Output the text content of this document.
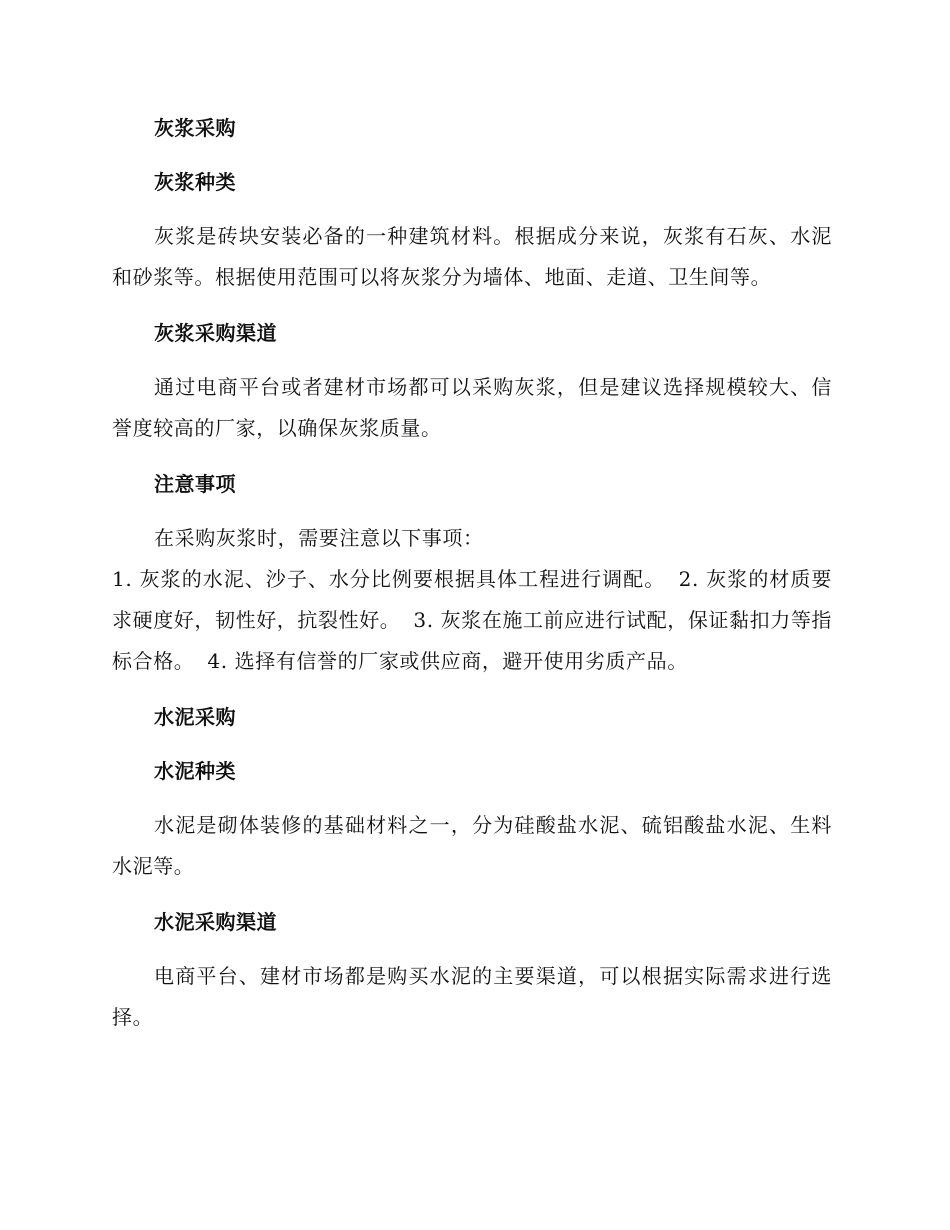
灰浆采购
灰浆种类
灰浆是砖块安装必备的一种建筑材料。根据成分来说，灰浆有石灰、水泥和砂浆等。根据使用范围可以将灰浆分为墙体、地面、走道、卫生间等。
灰浆采购渠道
通过电商平台或者建材市场都可以采购灰浆，但是建议选择规模较大、信誉度较高的厂家，以确保灰浆质量。
注意事项
在采购灰浆时，需要注意以下事项：
1. 灰浆的水泥、沙子、水分比例要根据具体工程进行调配。 2. 灰浆的材质要求硬度好，韧性好，抗裂性好。 3. 灰浆在施工前应进行试配，保证黏扣力等指标合格。 4. 选择有信誉的厂家或供应商，避开使用劣质产品。
水泥采购
水泥种类
水泥是砌体装修的基础材料之一，分为硅酸盐水泥、硫铝酸盐水泥、生料水泥等。
水泥采购渠道
电商平台、建材市场都是购买水泥的主要渠道，可以根据实际需求进行选择。
